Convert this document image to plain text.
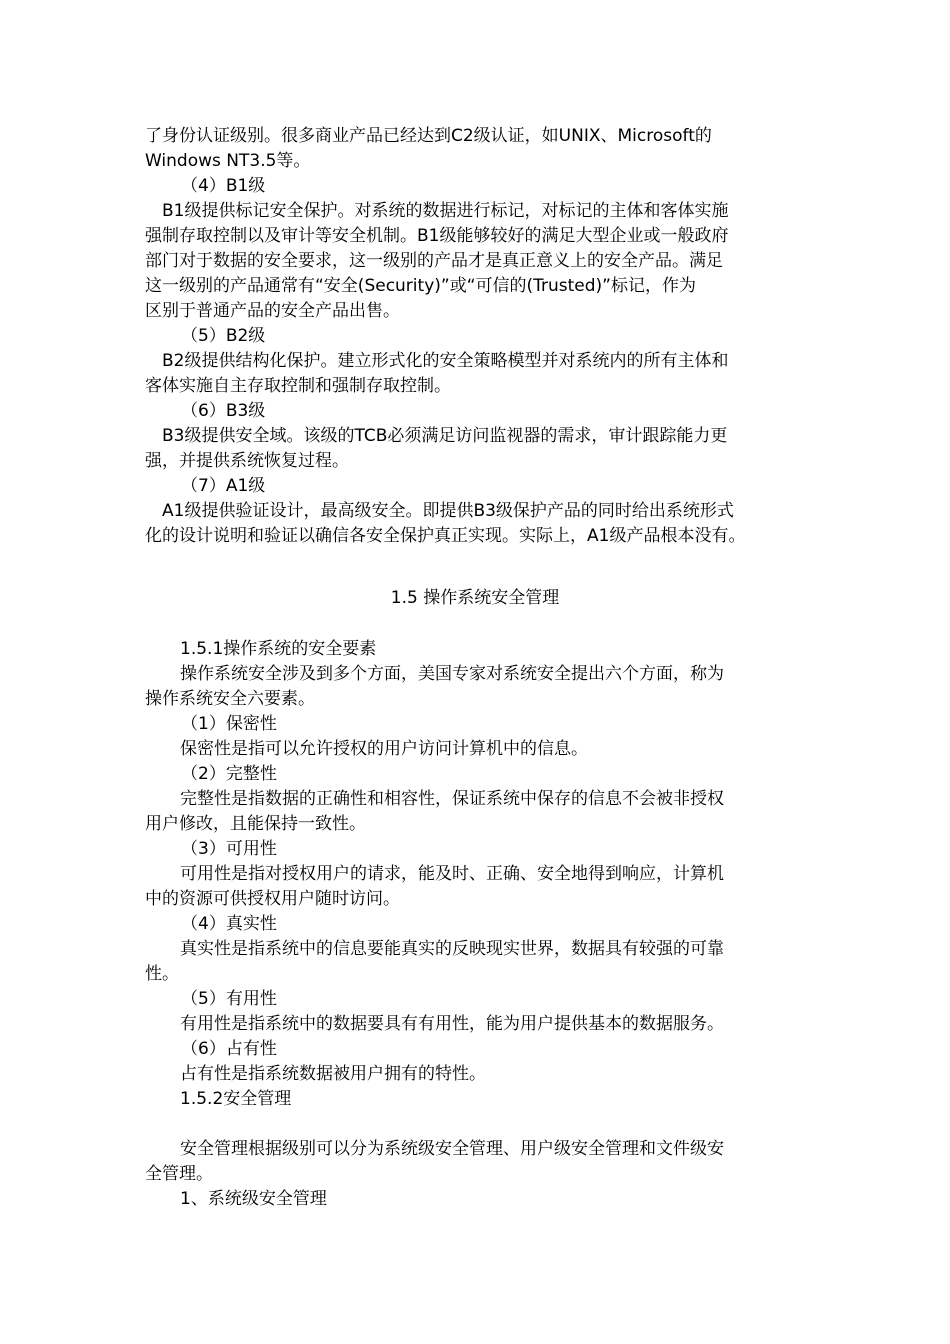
了身份认证级别。很多商业产品已经达到C2级认证，如UNIX、Microsoft的

Windows NT3.5等。

（4）B1级

B1级提供标记安全保护。对系统的数据进行标记，对标记的主体和客体实施

强制存取控制以及审计等安全机制。B1级能够较好的满足大型企业或一般政府

部门对于数据的安全要求，这一级别的产品才是真正意义上的安全产品。满足

这一级别的产品通常有“安全(Security)”或“可信的(Trusted)”标记，作为

区别于普通产品的安全产品出售。

（5）B2级

B2级提供结构化保护。建立形式化的安全策略模型并对系统内的所有主体和

客体实施自主存取控制和强制存取控制。

（6）B3级

B3级提供安全域。该级的TCB必须满足访问监视器的需求，审计跟踪能力更

强，并提供系统恢复过程。

（7）A1级

A1级提供验证设计，最高级安全。即提供B3级保护产品的同时给出系统形式

化的设计说明和验证以确信各安全保护真正实现。实际上，A1级产品根本没有。

1.5 操作系统安全管理

1.5.1操作系统的安全要素

操作系统安全涉及到多个方面，美国专家对系统安全提出六个方面，称为

操作系统安全六要素。

（1）保密性

保密性是指可以允许授权的用户访问计算机中的信息。

（2）完整性

完整性是指数据的正确性和相容性，保证系统中保存的信息不会被非授权

用户修改，且能保持一致性。

（3）可用性

可用性是指对授权用户的请求，能及时、正确、安全地得到响应，计算机

中的资源可供授权用户随时访问。

（4）真实性

真实性是指系统中的信息要能真实的反映现实世界，数据具有较强的可靠

性。

（5）有用性

有用性是指系统中的数据要具有有用性，能为用户提供基本的数据服务。

（6）占有性

占有性是指系统数据被用户拥有的特性。

1.5.2安全管理

安全管理根据级别可以分为系统级安全管理、用户级安全管理和文件级安

全管理。

1、系统级安全管理
